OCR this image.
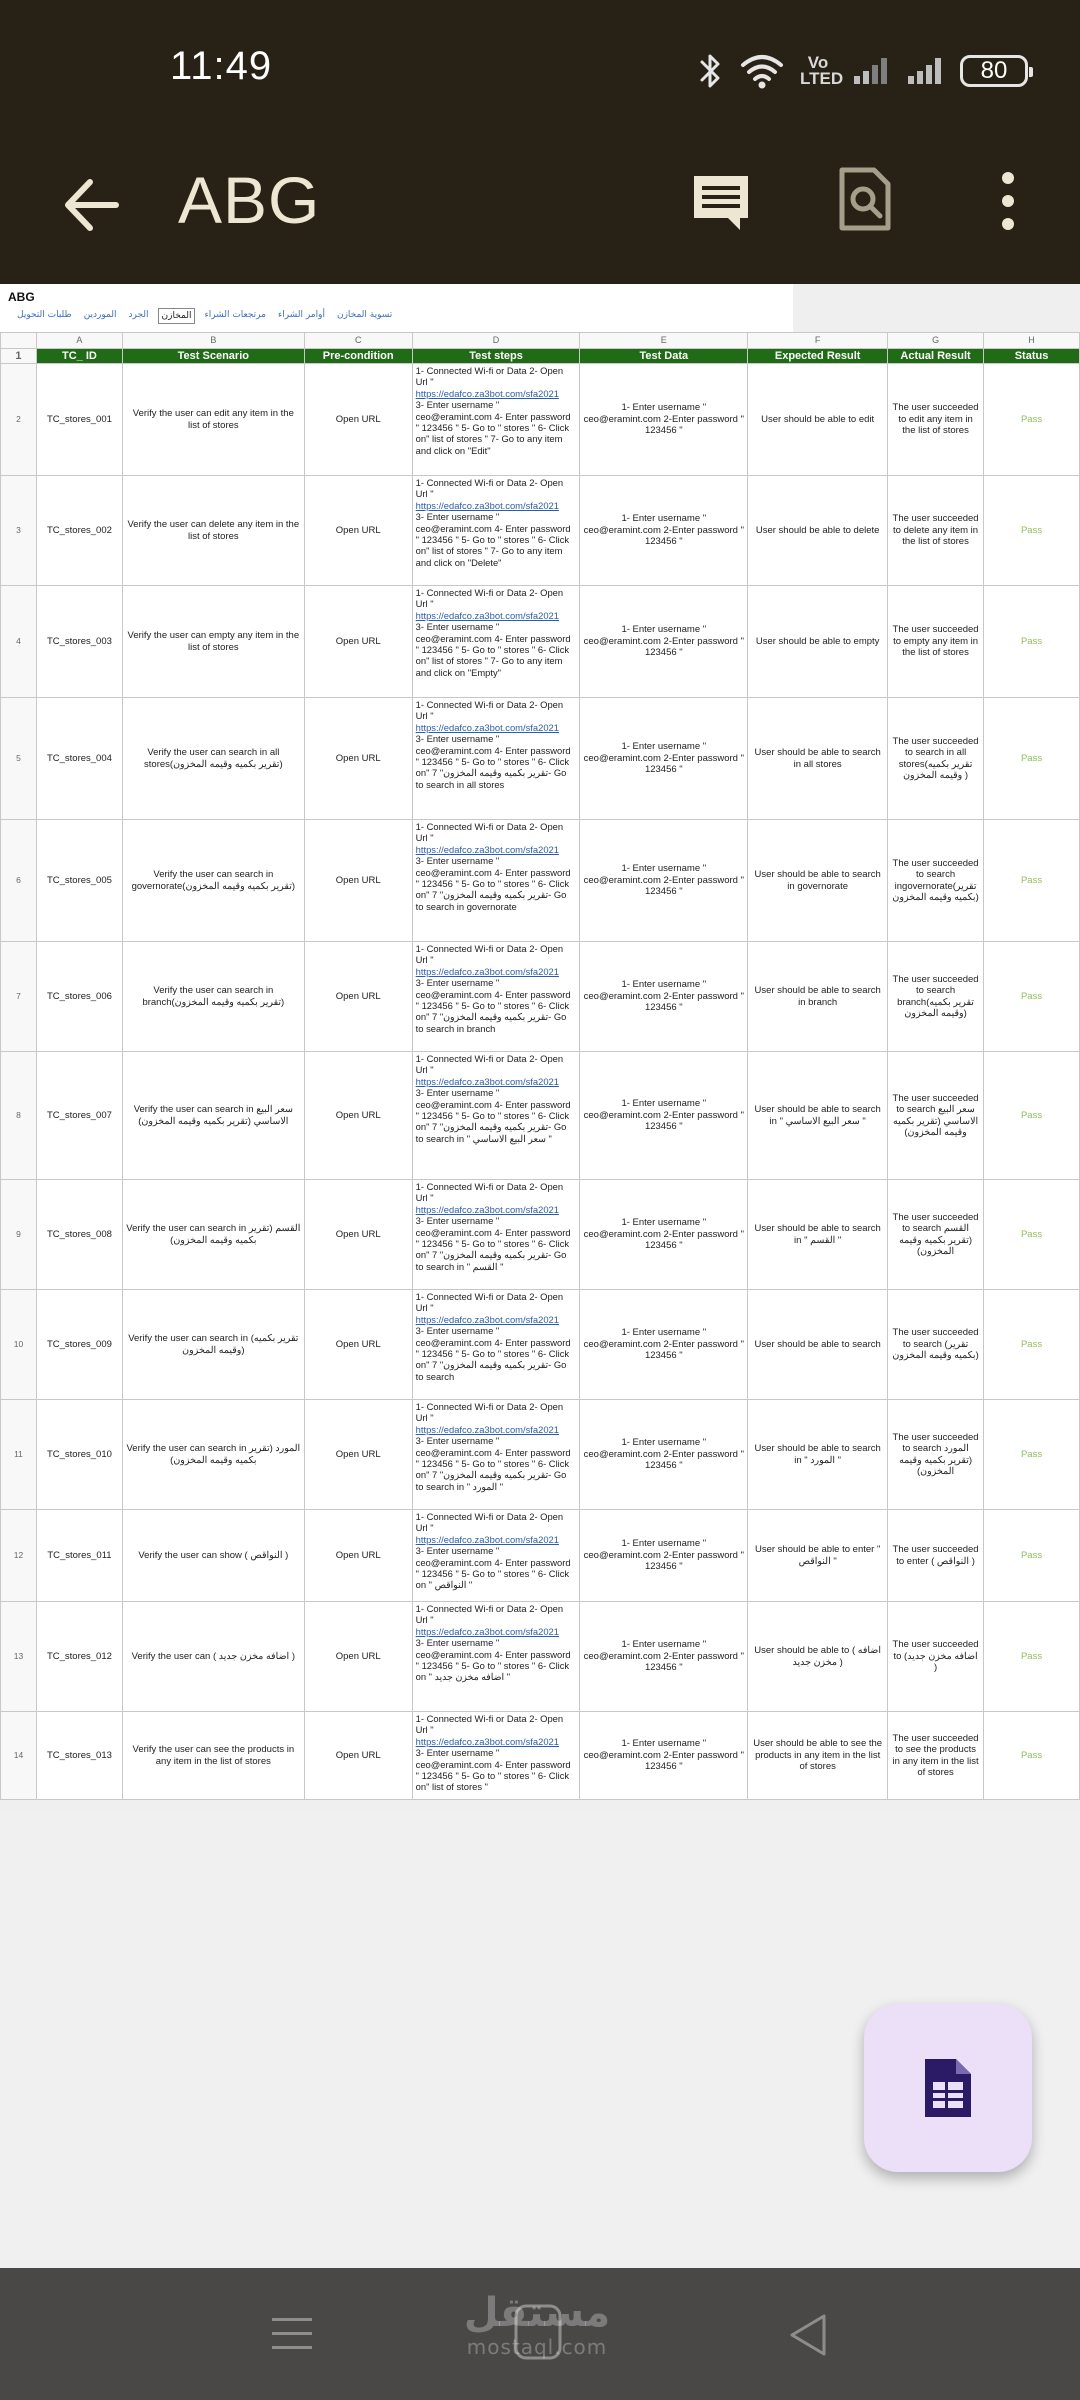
11:49	Vo LTED	80
ABG
ABG
طلبات التحويل	الموردين	الجرد	المخازن	مرتجعات الشراء	أوامر الشراء	تسوية المخازن
	A	B	C	D	E	F	G	H
1	TC_ ID	Test Scenario	Pre-condition	Test steps	Test Data	Expected Result	Actual Result	Status
2	TC_stores_001	Verify the user can edit any item in the list of stores	Open URL	1- Connected Wi-fi or Data 2- Open Url "
https://edafco.za3bot.com/sfa2021
3- Enter username " ceo@eramint.com 4- Enter password " 123456 " 5- Go to " stores " 6- Click on" list of stores " 7- Go to any item and click on "Edit"	1- Enter username " ceo@eramint.com 2-Enter password " 123456 "	User should be able to edit	The user succeeded to edit any item in the list of stores	Pass
3	TC_stores_002	Verify the user can delete any item in the list of stores	Open URL	1- Connected Wi-fi or Data 2- Open Url "
https://edafco.za3bot.com/sfa2021
3- Enter username " ceo@eramint.com 4- Enter password " 123456 " 5- Go to " stores " 6- Click on" list of stores " 7- Go to any item and click on "Delete"	1- Enter username " ceo@eramint.com 2-Enter password " 123456 "	User should be able to delete	The user succeeded to delete any item in the list of stores	Pass
4	TC_stores_003	Verify the user can empty any item in the list of stores	Open URL	1- Connected Wi-fi or Data 2- Open Url "
https://edafco.za3bot.com/sfa2021
3- Enter username " ceo@eramint.com 4- Enter password " 123456 " 5- Go to " stores " 6- Click on" list of stores " 7- Go to any item and click on "Empty"	1- Enter username " ceo@eramint.com 2-Enter password " 123456 "	User should be able to empty	The user succeeded to empty any item in the list of stores	Pass
5	TC_stores_004	Verify the user can search in all stores(تقرير بكميه وقيمه المخزون)	Open URL	1- Connected Wi-fi or Data 2- Open Url "
https://edafco.za3bot.com/sfa2021
3- Enter username " ceo@eramint.com 4- Enter password " 123456 " 5- Go to " stores " 6- Click on" تقرير بكميه وقيمه المخزون" 7- Go to search in all stores	1- Enter username " ceo@eramint.com 2-Enter password " 123456 "	User should be able to search in all stores	The user succeeded to search in all stores(تقرير بكميه وقيمه المخزون )	Pass
6	TC_stores_005	Verify the user can search in governorate(تقرير بكميه وقيمه المخزون)	Open URL	1- Connected Wi-fi or Data 2- Open Url "
https://edafco.za3bot.com/sfa2021
3- Enter username " ceo@eramint.com 4- Enter password " 123456 " 5- Go to " stores " 6- Click on" تقرير بكميه وقيمه المخزون" 7- Go to search in governorate	1- Enter username " ceo@eramint.com 2-Enter password " 123456 "	User should be able to search in governorate	The user succeeded to search ingovernorate(تقرير بكميه وقيمه المخزون)	Pass
7	TC_stores_006	Verify the user can search in branch(تقرير بكميه وقيمه المخزون)	Open URL	1- Connected Wi-fi or Data 2- Open Url "
https://edafco.za3bot.com/sfa2021
3- Enter username " ceo@eramint.com 4- Enter password " 123456 " 5- Go to " stores " 6- Click on" تقرير بكميه وقيمه المخزون" 7- Go to search in branch	1- Enter username " ceo@eramint.com 2-Enter password " 123456 "	User should be able to search in branch	The user succeeded to search branch(تقرير بكميه وقيمه المخزون)	Pass
8	TC_stores_007	Verify the user can search in سعر البيع الاساسي (تقرير بكميه وقيمه المخزون)	Open URL	1- Connected Wi-fi or Data 2- Open Url "
https://edafco.za3bot.com/sfa2021
3- Enter username " ceo@eramint.com 4- Enter password " 123456 " 5- Go to " stores " 6- Click on" تقرير بكميه وقيمه المخزون" 7- Go to search in " سعر البيع الاساسي "	1- Enter username " ceo@eramint.com 2-Enter password " 123456 "	User should be able to search in " سعر البيع الاساسي "	The user succeeded to search سعر البيع الاساسي (تقرير بكميه وقيمه المخزون)	Pass
9	TC_stores_008	Verify the user can search in القسم (تقرير بكميه وقيمه المخزون)	Open URL	1- Connected Wi-fi or Data 2- Open Url "
https://edafco.za3bot.com/sfa2021
3- Enter username " ceo@eramint.com 4- Enter password " 123456 " 5- Go to " stores " 6- Click on" تقرير بكميه وقيمه المخزون" 7- Go to search in " القسم "	1- Enter username " ceo@eramint.com 2-Enter password " 123456 "	User should be able to search in " القسم "	The user succeeded to search القسم (تقرير بكميه وقيمه المخزون)	Pass
10	TC_stores_009	Verify the user can search in (تقرير بكميه وقيمه المخزون)	Open URL	1- Connected Wi-fi or Data 2- Open Url "
https://edafco.za3bot.com/sfa2021
3- Enter username " ceo@eramint.com 4- Enter password " 123456 " 5- Go to " stores " 6- Click on" تقرير بكميه وقيمه المخزون" 7- Go to search	1- Enter username " ceo@eramint.com 2-Enter password " 123456 "	User should be able to search	The user succeeded to search (تقرير بكميه وقيمه المخزون)	Pass
11	TC_stores_010	Verify the user can search in المورد (تقرير بكميه وقيمه المخزون)	Open URL	1- Connected Wi-fi or Data 2- Open Url "
https://edafco.za3bot.com/sfa2021
3- Enter username " ceo@eramint.com 4- Enter password " 123456 " 5- Go to " stores " 6- Click on" تقرير بكميه وقيمه المخزون" 7- Go to search in " المورد "	1- Enter username " ceo@eramint.com 2-Enter password " 123456 "	User should be able to search in " المورد "	The user succeeded to search المورد (تقرير بكميه وقيمه المخزون)	Pass
12	TC_stores_011	Verify the user can show ( النواقص )	Open URL	1- Connected Wi-fi or Data 2- Open Url "
https://edafco.za3bot.com/sfa2021
3- Enter username " ceo@eramint.com 4- Enter password " 123456 " 5- Go to " stores " 6- Click on " النواقص "	1- Enter username " ceo@eramint.com 2-Enter password " 123456 "	User should be able to enter " النواقص "	The user succeeded to enter ( النواقص )	Pass
13	TC_stores_012	Verify the user can ( اضافه مخزن جديد )	Open URL	1- Connected Wi-fi or Data 2- Open Url "
https://edafco.za3bot.com/sfa2021
3- Enter username " ceo@eramint.com 4- Enter password " 123456 " 5- Go to " stores " 6- Click on " اضافه مخزن جديد "	1- Enter username " ceo@eramint.com 2-Enter password " 123456 "	User should be able to ( اضافه مخزن جديد )	The user succeeded to (اضافه مخزن جديد )	Pass
14	TC_stores_013	Verify the user can see the products in any item in the list of stores	Open URL	1- Connected Wi-fi or Data 2- Open Url "
https://edafco.za3bot.com/sfa2021
3- Enter username " ceo@eramint.com 4- Enter password " 123456 " 5- Go to " stores " 6- Click on" list of stores "	1- Enter username " ceo@eramint.com 2-Enter password " 123456 "	User should be able to see the products in any item in the list of stores	The user succeeded to see the products in any item in the list of stores	Pass
مستقل
mostaql.com
